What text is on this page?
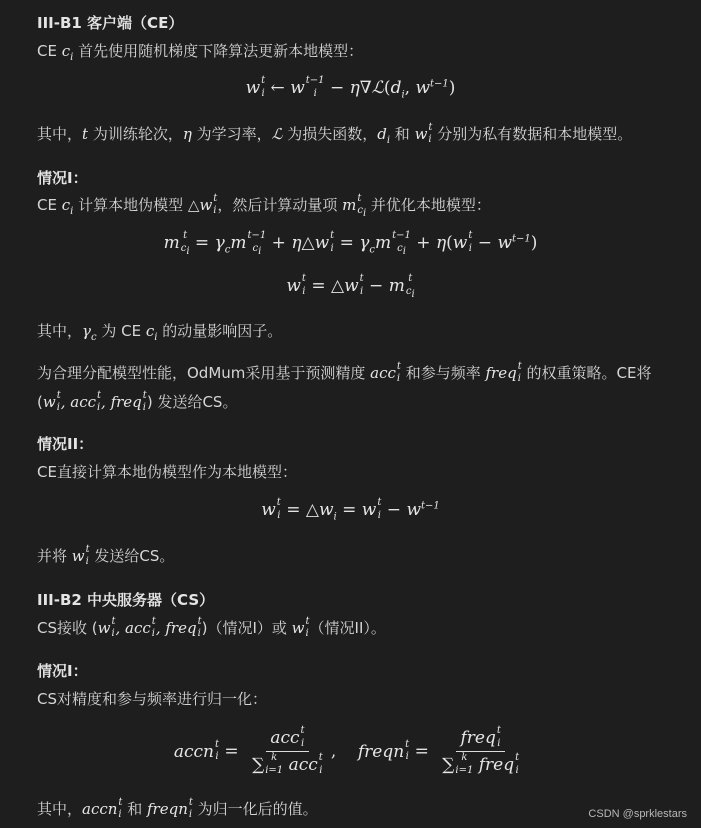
III-B1 客户端（CE）
CE $c_i$ 首先使用随机梯度下降算法更新本地模型：
w t
i ← w t−1
$i - \eta\nabla ℒ(d_i$, $w^{t-1}$)
其中，t 为训练轮次，η 为学习率，ℒ 为损失函数，$d_i$ 和 w t
i 分别为私有数据和本地模型。
情况I：
CE $c_i$ 计算本地伪模型 △w t
i ，然后计算动量项 m t
$c_i$ 并优化本地模型：
m t
$c_i = \gamma_cm$ t−1
$c_i$ + η△w t
$i = \gamma_cm$ t−1
$c_i + \eta(w$ t
$i - w^{t-1}$)
w t
i = △w t
i − m t
$c_i$
其中，$\gamma_c$ 为 CE $c_i$ 的动量影响因子。
为合理分配模型性能，OdMum采用基于预测精度 acc t
i 和参与频率 freq t
i 的权重策略。CE将
(w t
i , acc t
i , freq t
i ) 发送给CS。
情况II：
CE直接计算本地伪模型作为本地模型：
w t
$i = \triangle w_i = w$ t
$i - w^{t-1}$
并将 w t
i 发送给CS。
III-B2 中央服务器（CS）
CS接收 (w t
i , acc t
i , freq t
i )（情况I）或 w t
i （情况II）。
情况I：
CS对精度和参与频率进行归一化：
accn t
i = acc t
i
∑ k
i=1 acc t
i ,    freqn t
i = freq t
i
∑ k
i=1 freq t
i
其中，accn t
i 和 freqn t
i 为归一化后的值。	CSDN @sprklestars
